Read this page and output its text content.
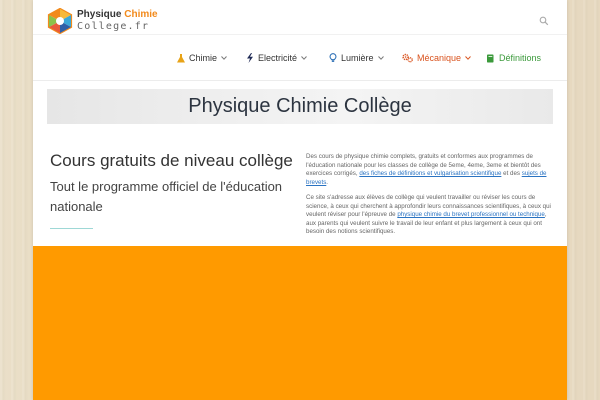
Physique Chimie
College.fr
Chimie	Electricité	Lumière	Mécanique	Définitions
Physique Chimie Collège
Cours gratuits de niveau collège
Tout le programme officiel de l'éducation nationale

Des cours de physique chimie complets, gratuits et conformes aux programmes de l'éducation nationale pour les classes de collège de 5eme, 4eme, 3eme et bientôt des exercices corrigés, des fiches de définitions et vulgarisation scientifique et des sujets de brevets.

Ce site s'adresse aux élèves de collège qui veulent travailler ou réviser les cours de science, à ceux qui cherchent à approfondir leurs connaissances scientifiques, à ceux qui veulent réviser pour l'épreuve de physique chimie du brevet professionnel ou technique, aux parents qui veulent suivre le travail de leur enfant et plus largement à ceux qui ont besoin des notions scientifiques.
